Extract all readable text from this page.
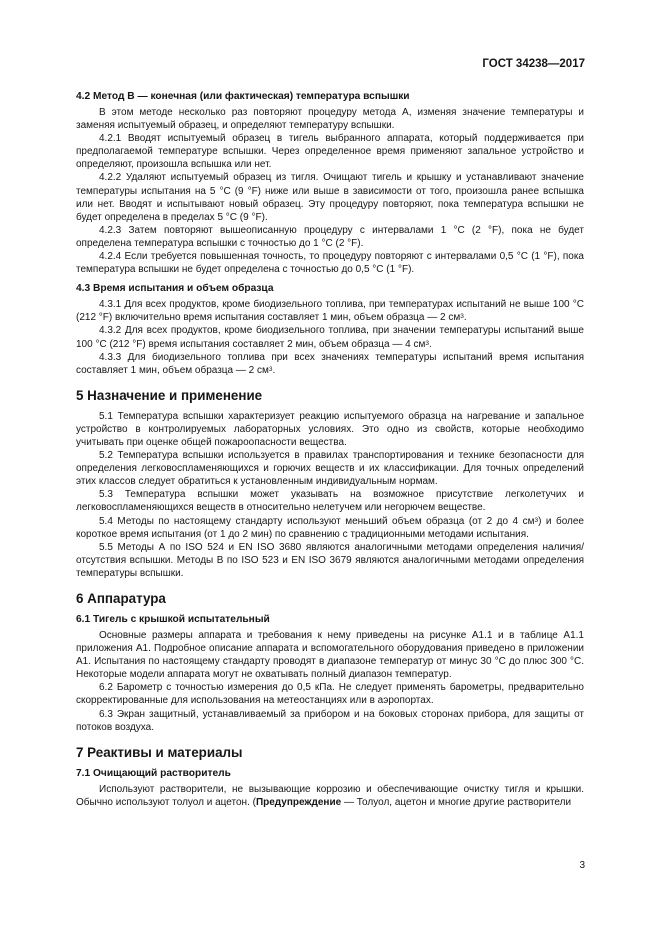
ГОСТ 34238—2017
4.2 Метод B — конечная (или фактическая) температура вспышки

В этом методе несколько раз повторяют процедуру метода А, изменяя значение температуры и заменяя испытуемый образец, и определяют температуру вспышки.

4.2.1 Вводят испытуемый образец в тигель выбранного аппарата, который поддерживается при предполагаемой температуре вспышки. Через определенное время применяют запальное устройство и определяют, произошла вспышка или нет.

4.2.2 Удаляют испытуемый образец из тигля. Очищают тигель и крышку и устанавливают значение температуры испытания на 5 °С (9 °F) ниже или выше в зависимости от того, произошла ранее вспышка или нет. Вводят и испытывают новый образец. Эту процедуру повторяют, пока температура вспышки не будет определена в пределах 5 °С (9 °F).

4.2.3 Затем повторяют вышеописанную процедуру с интервалами 1 °С (2 °F), пока не будет определена температура вспышки с точностью до 1 °С (2 °F).

4.2.4 Если требуется повышенная точность, то процедуру повторяют с интервалами 0,5 °С (1 °F), пока температура вспышки не будет определена с точностью до 0,5 °С (1 °F).

4.3 Время испытания и объем образца

4.3.1 Для всех продуктов, кроме биодизельного топлива, при температурах испытаний не выше 100 °С (212 °F) включительно время испытания составляет 1 мин, объем образца — 2 $см^3$.

4.3.2 Для всех продуктов, кроме биодизельного топлива, при значении температуры испытаний выше 100 °С (212 °F) время испытания составляет 2 мин, объем образца — 4 $см^3$.

4.3.3 Для биодизельного топлива при всех значениях температуры испытаний время испытания составляет 1 мин, объем образца — 2 $см^3$.

5 Назначение и применение

5.1 Температура вспышки характеризует реакцию испытуемого образца на нагревание и запальное устройство в контролируемых лабораторных условиях. Это одно из свойств, которые необходимо учитывать при оценке общей пожароопасности вещества.

5.2 Температура вспышки используется в правилах транспортирования и технике безопасности для определения легковоспламеняющихся и горючих веществ и их классификации. Для точных определений этих классов следует обратиться к установленным индивидуальным нормам.

5.3 Температура вспышки может указывать на возможное присутствие легколетучих и легковоспламеняющихся веществ в относительно нелетучем или негорючем веществе.

5.4 Методы по настоящему стандарту используют меньший объем образца (от 2 до 4 $см^3$) и более короткое время испытания (от 1 до 2 мин) по сравнению с традиционными методами испытания.

5.5 Методы А по ISO 524 и EN ISO 3680 являются аналогичными методами определения наличия/отсутствия вспышки. Методы В по ISO 523 и EN ISO 3679 являются аналогичными методами определения температуры вспышки.

6 Аппаратура
6.1 Тигель с крышкой испытательный

Основные размеры аппарата и требования к нему приведены на рисунке А1.1 и в таблице А1.1 приложения А1. Подробное описание аппарата и вспомогательного оборудования приведено в приложении А1. Испытания по настоящему стандарту проводят в диапазоне температур от минус 30 °С до плюс 300 °С. Некоторые модели аппарата могут не охватывать полный диапазон температур.

6.2 Барометр с точностью измерения до 0,5 кПа. Не следует применять барометры, предварительно скорректированные для использования на метеостанциях или в аэропортах.

6.3 Экран защитный, устанавливаемый за прибором и на боковых сторонах прибора, для защиты от потоков воздуха.

7 Реактивы и материалы
7.1 Очищающий растворитель

Используют растворители, не вызывающие коррозию и обеспечивающие очистку тигля и крышки. Обычно используют толуол и ацетон. (Предупреждение — Толуол, ацетон и многие другие растворители

3
